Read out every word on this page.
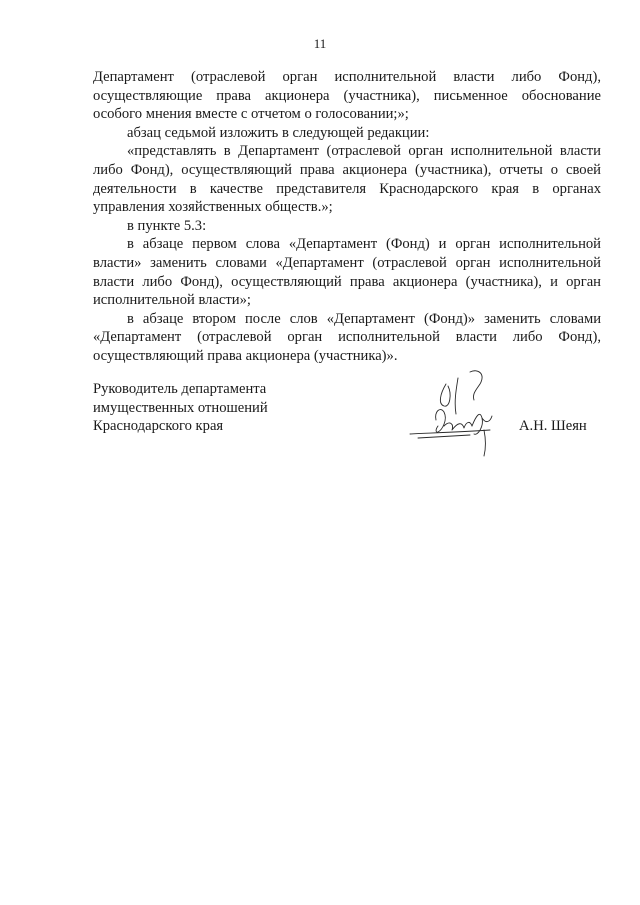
11

Департамент (отраслевой орган исполнительной власти либо Фонд), осуществляющие права акционера (участника), письменное обоснование особого мнения вместе с отчетом о голосовании;»;

абзац седьмой изложить в следующей редакции:

«представлять в Департамент (отраслевой орган исполнительной власти либо Фонд), осуществляющий права акционера (участника), отчеты о своей деятельности в качестве представителя Краснодарского края в органах управления хозяйственных обществ.»;

в пункте 5.3:

в абзаце первом слова «Департамент (Фонд) и орган исполнительной власти» заменить словами «Департамент (отраслевой орган исполнительной власти либо Фонд), осуществляющий права акционера (участника), и орган исполнительной власти»;

в абзаце втором после слов «Департамент (Фонд)» заменить словами «Департамент (отраслевой орган исполнительной власти либо Фонд), осуществляющий права акционера (участника)».

Руководитель департамента
имущественных отношений
Краснодарского края	А.Н. Шеян
